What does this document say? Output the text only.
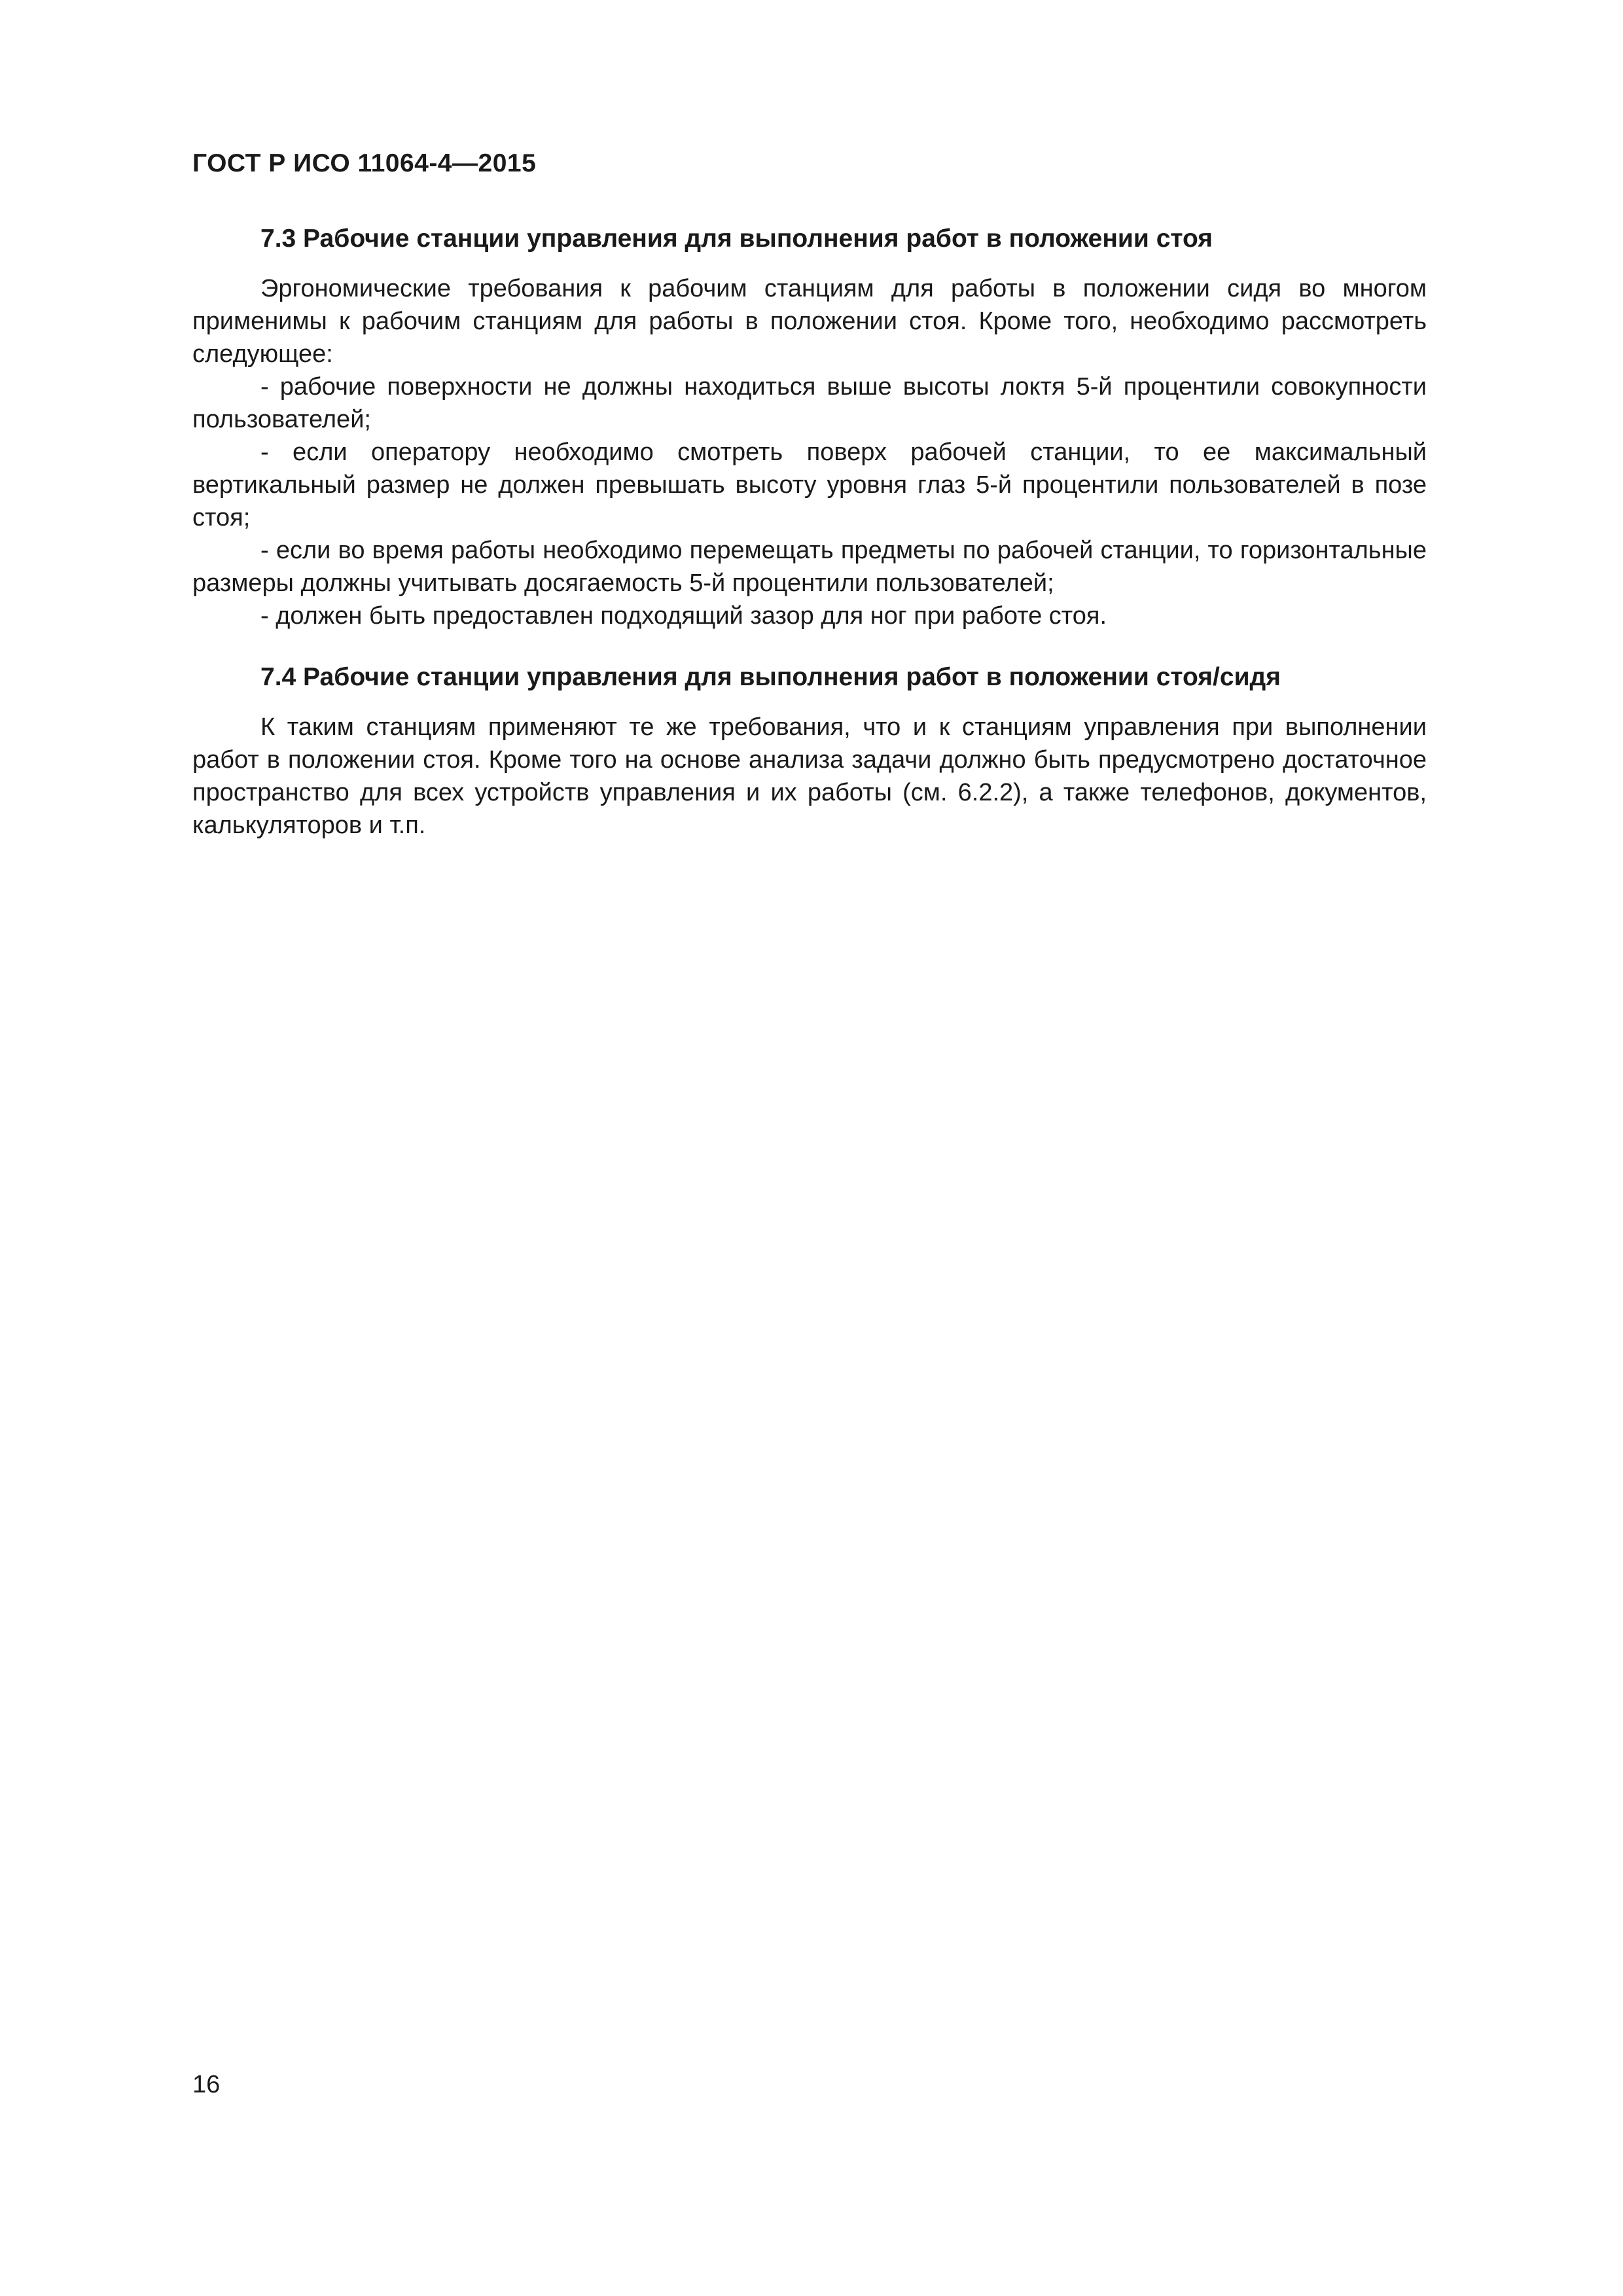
ГОСТ Р ИСО 11064-4—2015
7.3 Рабочие станции управления для выполнения работ в положении стоя

Эргономические требования к рабочим станциям для работы в положении сидя во многом применимы к рабочим станциям для работы в положении стоя. Кроме того, необходимо рассмотреть следующее:

- рабочие поверхности не должны находиться выше высоты локтя 5-й процентили совокупности пользователей;

- если оператору необходимо смотреть поверх рабочей станции, то ее максимальный вертикальный размер не должен превышать высоту уровня глаз 5-й процентили пользователей в позе стоя;

- если во время работы необходимо перемещать предметы по рабочей станции, то горизонтальные размеры должны учитывать досягаемость 5-й процентили пользователей;

- должен быть предоставлен подходящий зазор для ног при работе стоя.

7.4 Рабочие станции управления для выполнения работ в положении стоя/сидя

К таким станциям применяют те же требования, что и к станциям управления при выполнении работ в положении стоя. Кроме того на основе анализа задачи должно быть предусмотрено достаточное пространство для всех устройств управления и их работы (см. 6.2.2), а также телефонов, документов, калькуляторов и т.п.

16
